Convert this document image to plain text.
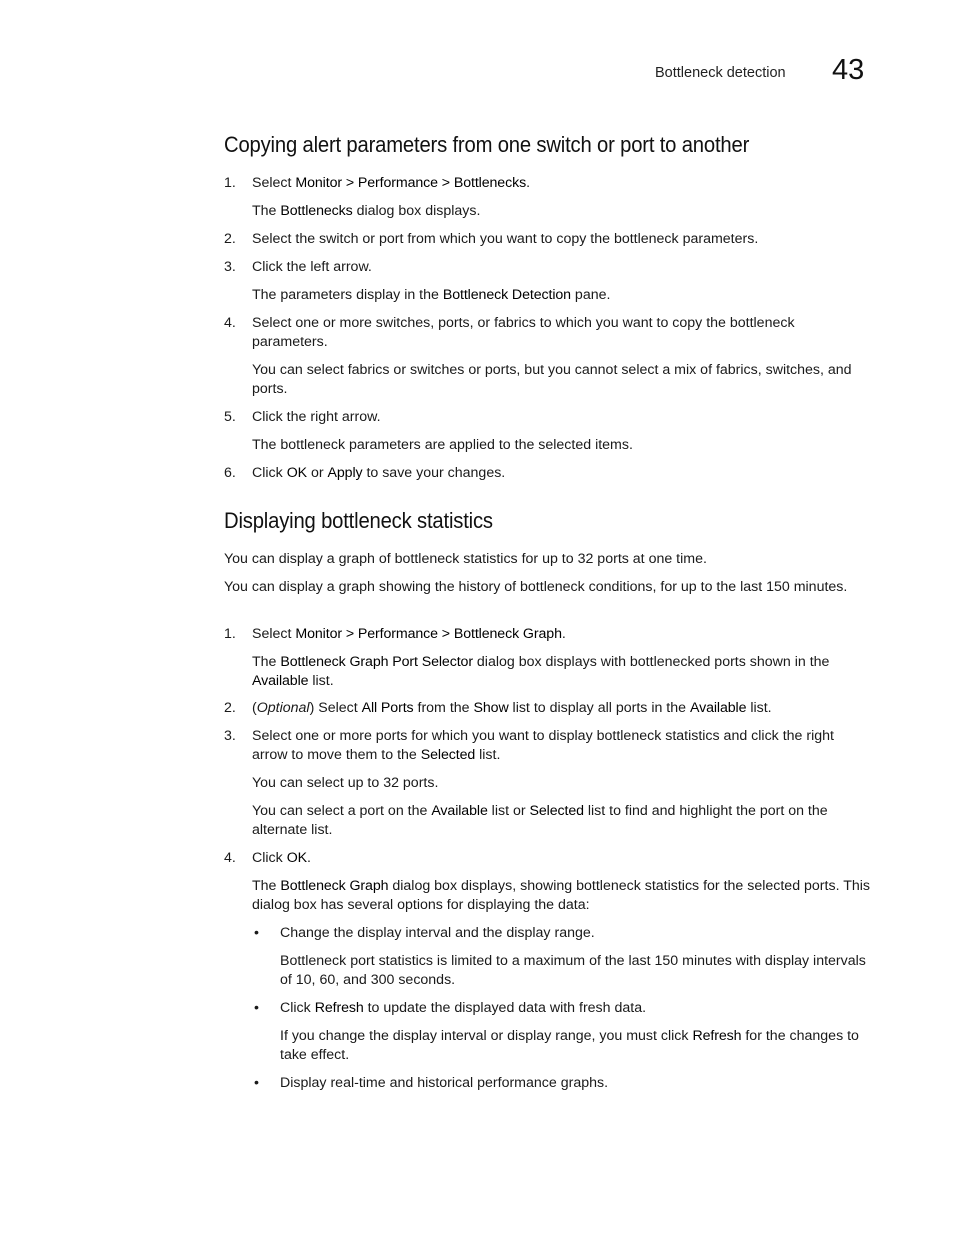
Bottleneck detection 43
Copying alert parameters from one switch or port to another
1.	Select Monitor > Performance > Bottlenecks.
The Bottlenecks dialog box displays.
2.	Select the switch or port from which you want to copy the bottleneck parameters.
3.	Click the left arrow.
The parameters display in the Bottleneck Detection pane.
4.	Select one or more switches, ports, or fabrics to which you want to copy the bottleneck parameters.
You can select fabrics or switches or ports, but you cannot select a mix of fabrics, switches, and ports.
5.	Click the right arrow.
The bottleneck parameters are applied to the selected items.
6.	Click OK or Apply to save your changes.
Displaying bottleneck statistics
You can display a graph of bottleneck statistics for up to 32 ports at one time.
You can display a graph showing the history of bottleneck conditions, for up to the last 150 minutes.
1.	Select Monitor > Performance > Bottleneck Graph.
The Bottleneck Graph Port Selector dialog box displays with bottlenecked ports shown in the Available list.
2.	(Optional) Select All Ports from the Show list to display all ports in the Available list.
3.	Select one or more ports for which you want to display bottleneck statistics and click the right arrow to move them to the Selected list.
You can select up to 32 ports.
You can select a port on the Available list or Selected list to find and highlight the port on the alternate list.
4.	Click OK.
The Bottleneck Graph dialog box displays, showing bottleneck statistics for the selected ports. This dialog box has several options for displaying the data:
• Change the display interval and the display range.
Bottleneck port statistics is limited to a maximum of the last 150 minutes with display intervals of 10, 60, and 300 seconds.
• Click Refresh to update the displayed data with fresh data.
If you change the display interval or display range, you must click Refresh for the changes to take effect.
• Display real-time and historical performance graphs.
